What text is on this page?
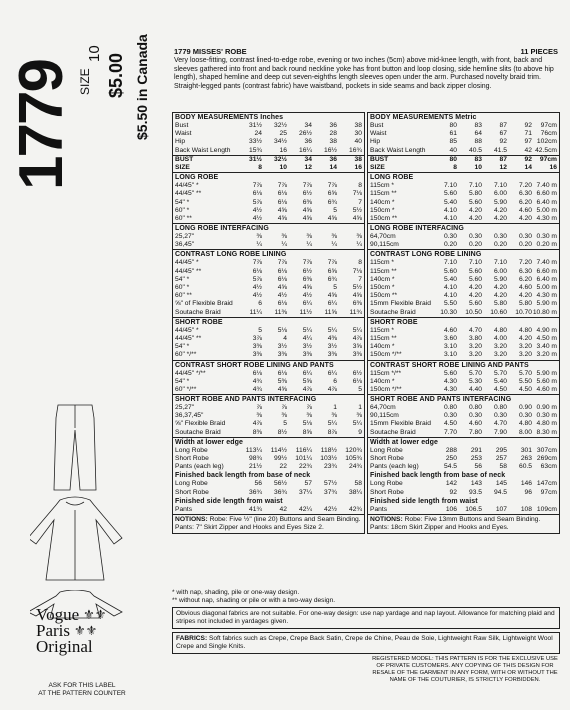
1779 SIZE
10 $5.00 $5.50 in Canada
Vogue ⚜⚜
Paris ⚜⚜
Original
ASK FOR THIS LABEL
AT THE PATTERN COUNTER
1779 MISSES' ROBE	11 PIECES
Very loose-fitting, contrast lined-to-edge robe, evening or two inches (5cm) above mid-knee length, with front, back and sleeves gathered into front and back round neckline yoke has front button and loop closing, side hemline slits (to above hip length), shaped hemline and deep cut seven-eighths length sleeves open under the arm. Purchased novelty braid trim. Straight-legged pants (contrast fabric) have waistband, pockets in side seams and back zipper closing.
BODY MEASUREMENTS Inches
Bust	31½	32½	34	36	38
Waist	24	25	26½	28	30
Hip	33½	34½	36	38	40
Back Waist Length	15¾	16	16¼	16½	16¾
BUST	31½	32½	34	36	38
SIZE	8	10	12	14	16
LONG ROBE
44/45" *	7⅞	7⅞	7⅞	7⅞	8
44/45" **	6⅛	6⅛	6½	6⅝	7⅛
54" *	5⅞	6⅛	6⅜	6¾	7
60" *	4½	4⅝	4⅝	5	5½
60" **	4½	4⅝	4⅝	4⅝	4⅝
LONG ROBE INTERFACING
25,27"	⅜	⅜	⅜	⅜	⅜
36,45"	¼	¼	¼	¼	¼
CONTRAST LONG ROBE LINING
44/45" *	7⅞	7⅞	7⅞	7⅞	8
44/45" **	6⅛	6⅛	6½	6⅝	7⅛
54" *	5⅞	6⅛	6⅜	6¾	7
60" *	4½	4⅝	4⅝	5	5½
60" **	4½	4½	4½	4⅝	4⅝
⅝" of Flexible Braid	6	6⅛	6¼	6¼	6⅜
Soutache Braid	11¼	11⅜	11½	11⅝	11¾
SHORT ROBE
44/45" *	5	5⅛	5¼	5¼	5¼
44/45" **	3⅞	4	4¼	4⅜	4⅞
54" *	3⅜	3½	3½	3½	3⅝
60" */**	3⅜	3⅜	3⅜	3⅜	3⅜
CONTRAST SHORT ROBE LINING AND PANTS
44/45" */**	6⅛	6⅛	6¼	6¼	6½
54" *	4¾	5⅜	5⅝	6	6⅛
60" */**	4¾	4⅝	4⅞	4⅞	5
SHORT ROBE AND PANTS INTERFACING
25,27"	⅞	⅞	⅞	1	1
36,37,45"	⅜	⅜	⅜	⅜	⅜
⅝" Flexible Braid	4⅞	5	5⅛	5¼	5¼
Soutache Braid	8⅜	8½	8⅝	8⅞	9
Width at lower edge
Long Robe	113¼	114½	116¼	118½	120¾
Short Robe	98¾	99½	101¼	103½	105¾
Pants (each leg)	21½	22	22¾	23¾	24¾
Finished back length from base of neck
Long Robe	56	56½	57	57½	58
Short Robe	36¾	36¾	37¼	37¾	38¼
Finished side length from waist
Pants	41¾	42	42¼	42½	42¾
NOTIONS: Robe: Five ½" (line 20) Buttons and Seam Binding. Pants: 7" Skirt Zipper and Hooks and Eyes Size 2.
BODY MEASUREMENTS Metric
Bust	80	83	87	92	97cm
Waist	61	64	67	71	76cm
Hip	85	88	92	97 102cm
Back Waist Length	40	40.5	41.5	42 42.5cm
BUST	80	83	87	92	97cm
SIZE	8	10	12	14	16
LONG ROBE
115cm *	7.10	7.10	7.10	7.20 7.40 m
115cm **	5.60	5.80	6.00	6.30 6.60 m
140cm *	5.40	5.60	5.90	6.20 6.40 m
150cm *	4.10	4.20	4.20	4.60 5.00 m
150cm **	4.10	4.20	4.20	4.20 4.30 m
LONG ROBE INTERFACING
64,70cm	0.30	0.30	0.30	0.30 0.30 m
90,115cm	0.20	0.20	0.20	0.20 0.20 m
CONTRAST LONG ROBE LINING
115cm *	7.10	7.10	7.10	7.20 7.40 m
115cm **	5.60	5.60	6.00	6.30 6.60 m
140cm *	5.40	5.60	5.90	6.20 6.40 m
150cm *	4.10	4.20	4.20	4.60 5.00 m
150cm **	4.10	4.20	4.20	4.20 4.30 m
15mm Flexible Braid	5.50	5.60	5.80	5.80 5.90 m
Soutache Braid	10.30	10.50	10.60	10.70 10.80 m
SHORT ROBE
115cm *	4.60	4.70	4.80	4.80 4.90 m
115cm **	3.60	3.80	4.00	4.20 4.50 m
140cm *	3.10	3.20	3.20	3.20 3.40 m
150cm */**	3.10	3.20	3.20	3.20 3.20 m
CONTRAST SHORT ROBE LINING AND PANTS
115cm */**	5.60	5.70	5.70	5.70 5.90 m
140cm *	4.30	5.30	5.40	5.50 5.60 m
150cm */**	4.30	4.40	4.50	4.50 4.60 m
SHORT ROBE AND PANTS INTERFACING
64,70cm	0.80	0.80	0.80	0.90 0.90 m
90,115cm	0.30	0.30	0.30	0.30 0.30 m
15mm Flexible Braid	4.50	4.60	4.70	4.80 4.80 m
Soutache Braid	7.70	7.80	7.90	8.00 8.30 m
Width at lower edge
Long Robe	288	291	295	301 307cm
Short Robe	250	253	257	263 269cm
Pants (each leg)	54.5	56	58	60.5	63cm
Finished back length from base of neck
Long Robe	142	143	145	146 147cm
Short Robe	92	93.5	94.5	96	97cm
Finished side length from waist
Pants	106	106.5	107	108 109cm
NOTIONS: Robe: Five 13mm Buttons and Seam Binding. Pants: 18cm Skirt Zipper and Hooks and Eyes.
* with nap, shading, pile or one-way design.
** without nap, shading or pile or with a two-way design.
Obvious diagonal fabrics are not suitable. For one-way design: use nap yardage and nap layout. Allowance for matching plaid and stripes not included in yardages given.
FABRICS: Soft fabrics such as Crepe, Crepe Back Satin, Crepe de Chine, Peau de Soie, Lightweight Raw Silk, Lightweight Wool Crepe and Single Knits.
REGISTERED MODEL: THIS PATTERN IS FOR THE EXCLUSIVE USE OF PRIVATE CUSTOMERS. ANY COPYING OF THIS DESIGN FOR RESALE OF THE GARMENT IN ANY FORM, WITH OR WITHOUT THE NAME OF THE COUTURIER, IS STRICTLY FORBIDDEN.
